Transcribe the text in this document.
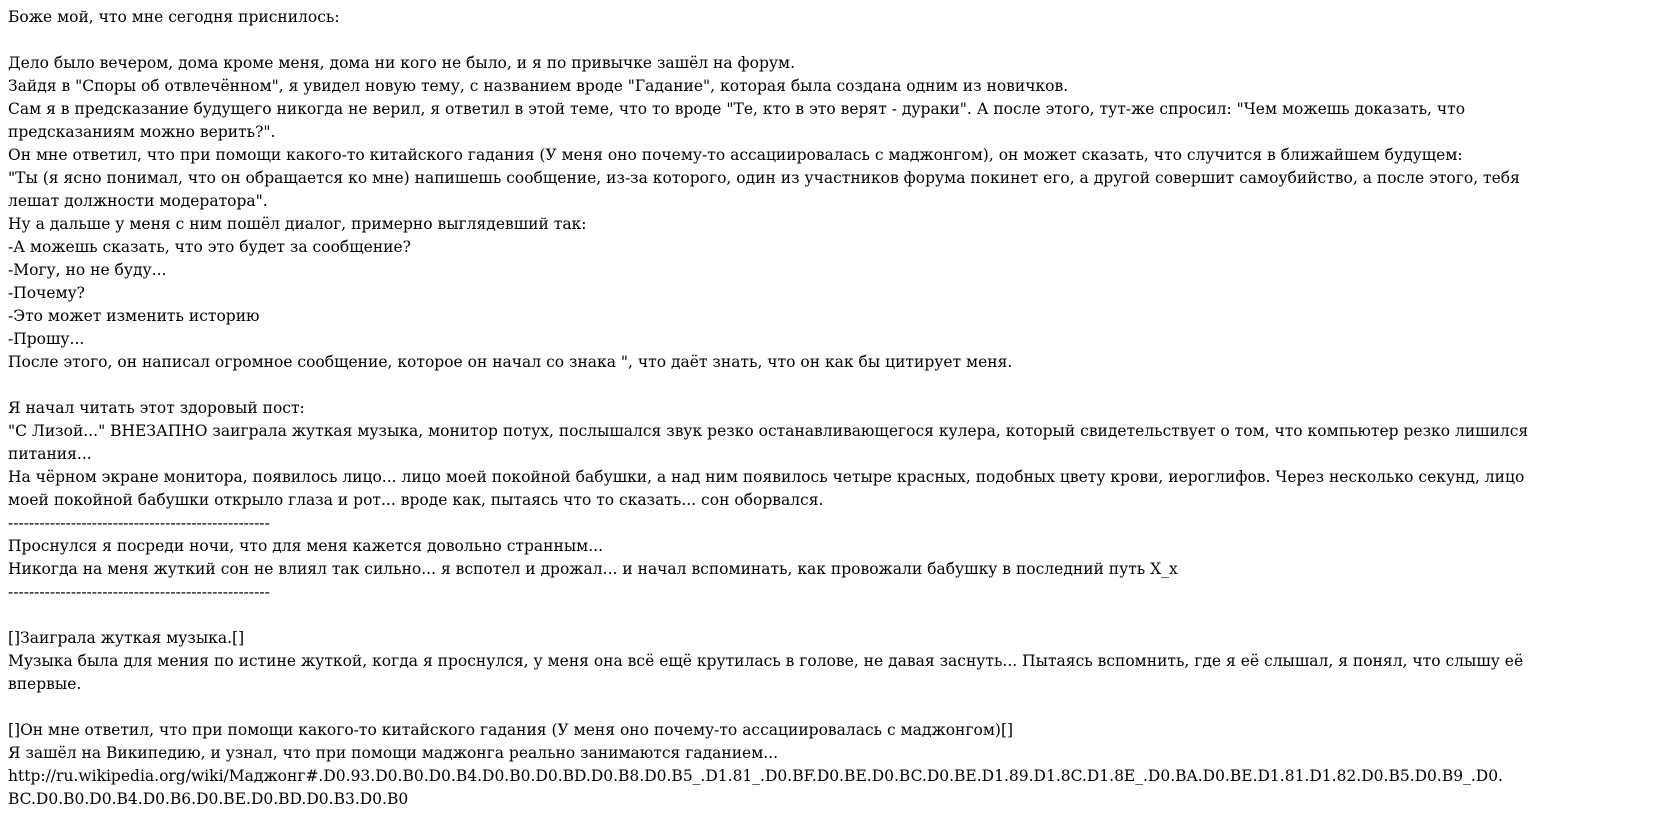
Боже мой, что мне сегодня приснилось:

Дело было вечером, дома кроме меня, дома ни кого не было, и я по привычке зашёл на форум.
Зайдя в "Споры об отвлечённом", я увидел новую тему, с названием вроде "Гадание", которая была создана одним из новичков.
Сам я в предсказание будущего никогда не верил, я ответил в этой теме, что то вроде "Те, кто в это верят - дураки". А после этого, тут-же спросил: "Чем можешь доказать, что
предсказаниям можно верить?".
Он мне ответил, что при помощи какого-то китайского гадания (У меня оно почему-то ассациировалась с маджонгом), он может сказать, что случится в ближайшем будущем:
"Ты (я ясно понимал, что он обращается ко мне) напишешь сообщение, из-за которого, один из участников форума покинет его, а другой совершит самоубийство, а после этого, тебя
лешат должности модератора".
Ну а дальше у меня с ним пошёл диалог, примерно выглядевший так:
-А можешь сказать, что это будет за сообщение?
-Могу, но не буду...
-Почему?
-Это может изменить историю
-Прошу...
После этого, он написал огромное сообщение, которое он начал со знака ", что даёт знать, что он как бы цитирует меня.

Я начал читать этот здоровый пост:
"С Лизой..." ВНЕЗАПНО заиграла жуткая музыка, монитор потух, послышался звук резко останавливающегося кулера, который свидетельствует о том, что компьютер резко лишился
питания...
На чёрном экране монитора, появилось лицо... лицо моей покойной бабушки, а над ним появилось четыре красных, подобных цвету крови, иероглифов. Через несколько секунд, лицо
моей покойной бабушки открыло глаза и рот... вроде как, пытаясь что то сказать... сон оборвался.
--------------------------------------------------
Проснулся я посреди ночи, что для меня кажется довольно странным...
Никогда на меня жуткий сон не влиял так сильно... я вспотел и дрожал... и начал вспоминать, как провожали бабушку в последний путь X_x
--------------------------------------------------

[]Заиграла жуткая музыка.[]
Музыка была для мения по истине жуткой, когда я проснулся, у меня она всё ещё крутилась в голове, не давая заснуть... Пытаясь вспомнить, где я её слышал, я понял, что слышу её
впервые.

[]Он мне ответил, что при помощи какого-то китайского гадания (У меня оно почему-то ассациировалась с маджонгом)[]
Я зашёл на Википедию, и узнал, что при помощи маджонга реально занимаются гаданием...
http://ru.wikipedia.org/wiki/Маджонг#.D0.93.D0.B0.D0.B4.D0.B0.D0.BD.D0.B8.D0.B5_.D1.81_.D0.BF.D0.BE.D0.BC.D0.BE.D1.89.D1.8C.D1.8E_.D0.BA.D0.BE.D1.81.D1.82.D0.B5.D0.B9_.D0.
BC.D0.B0.D0.B4.D0.B6.D0.BE.D0.BD.D0.B3.D0.B0
